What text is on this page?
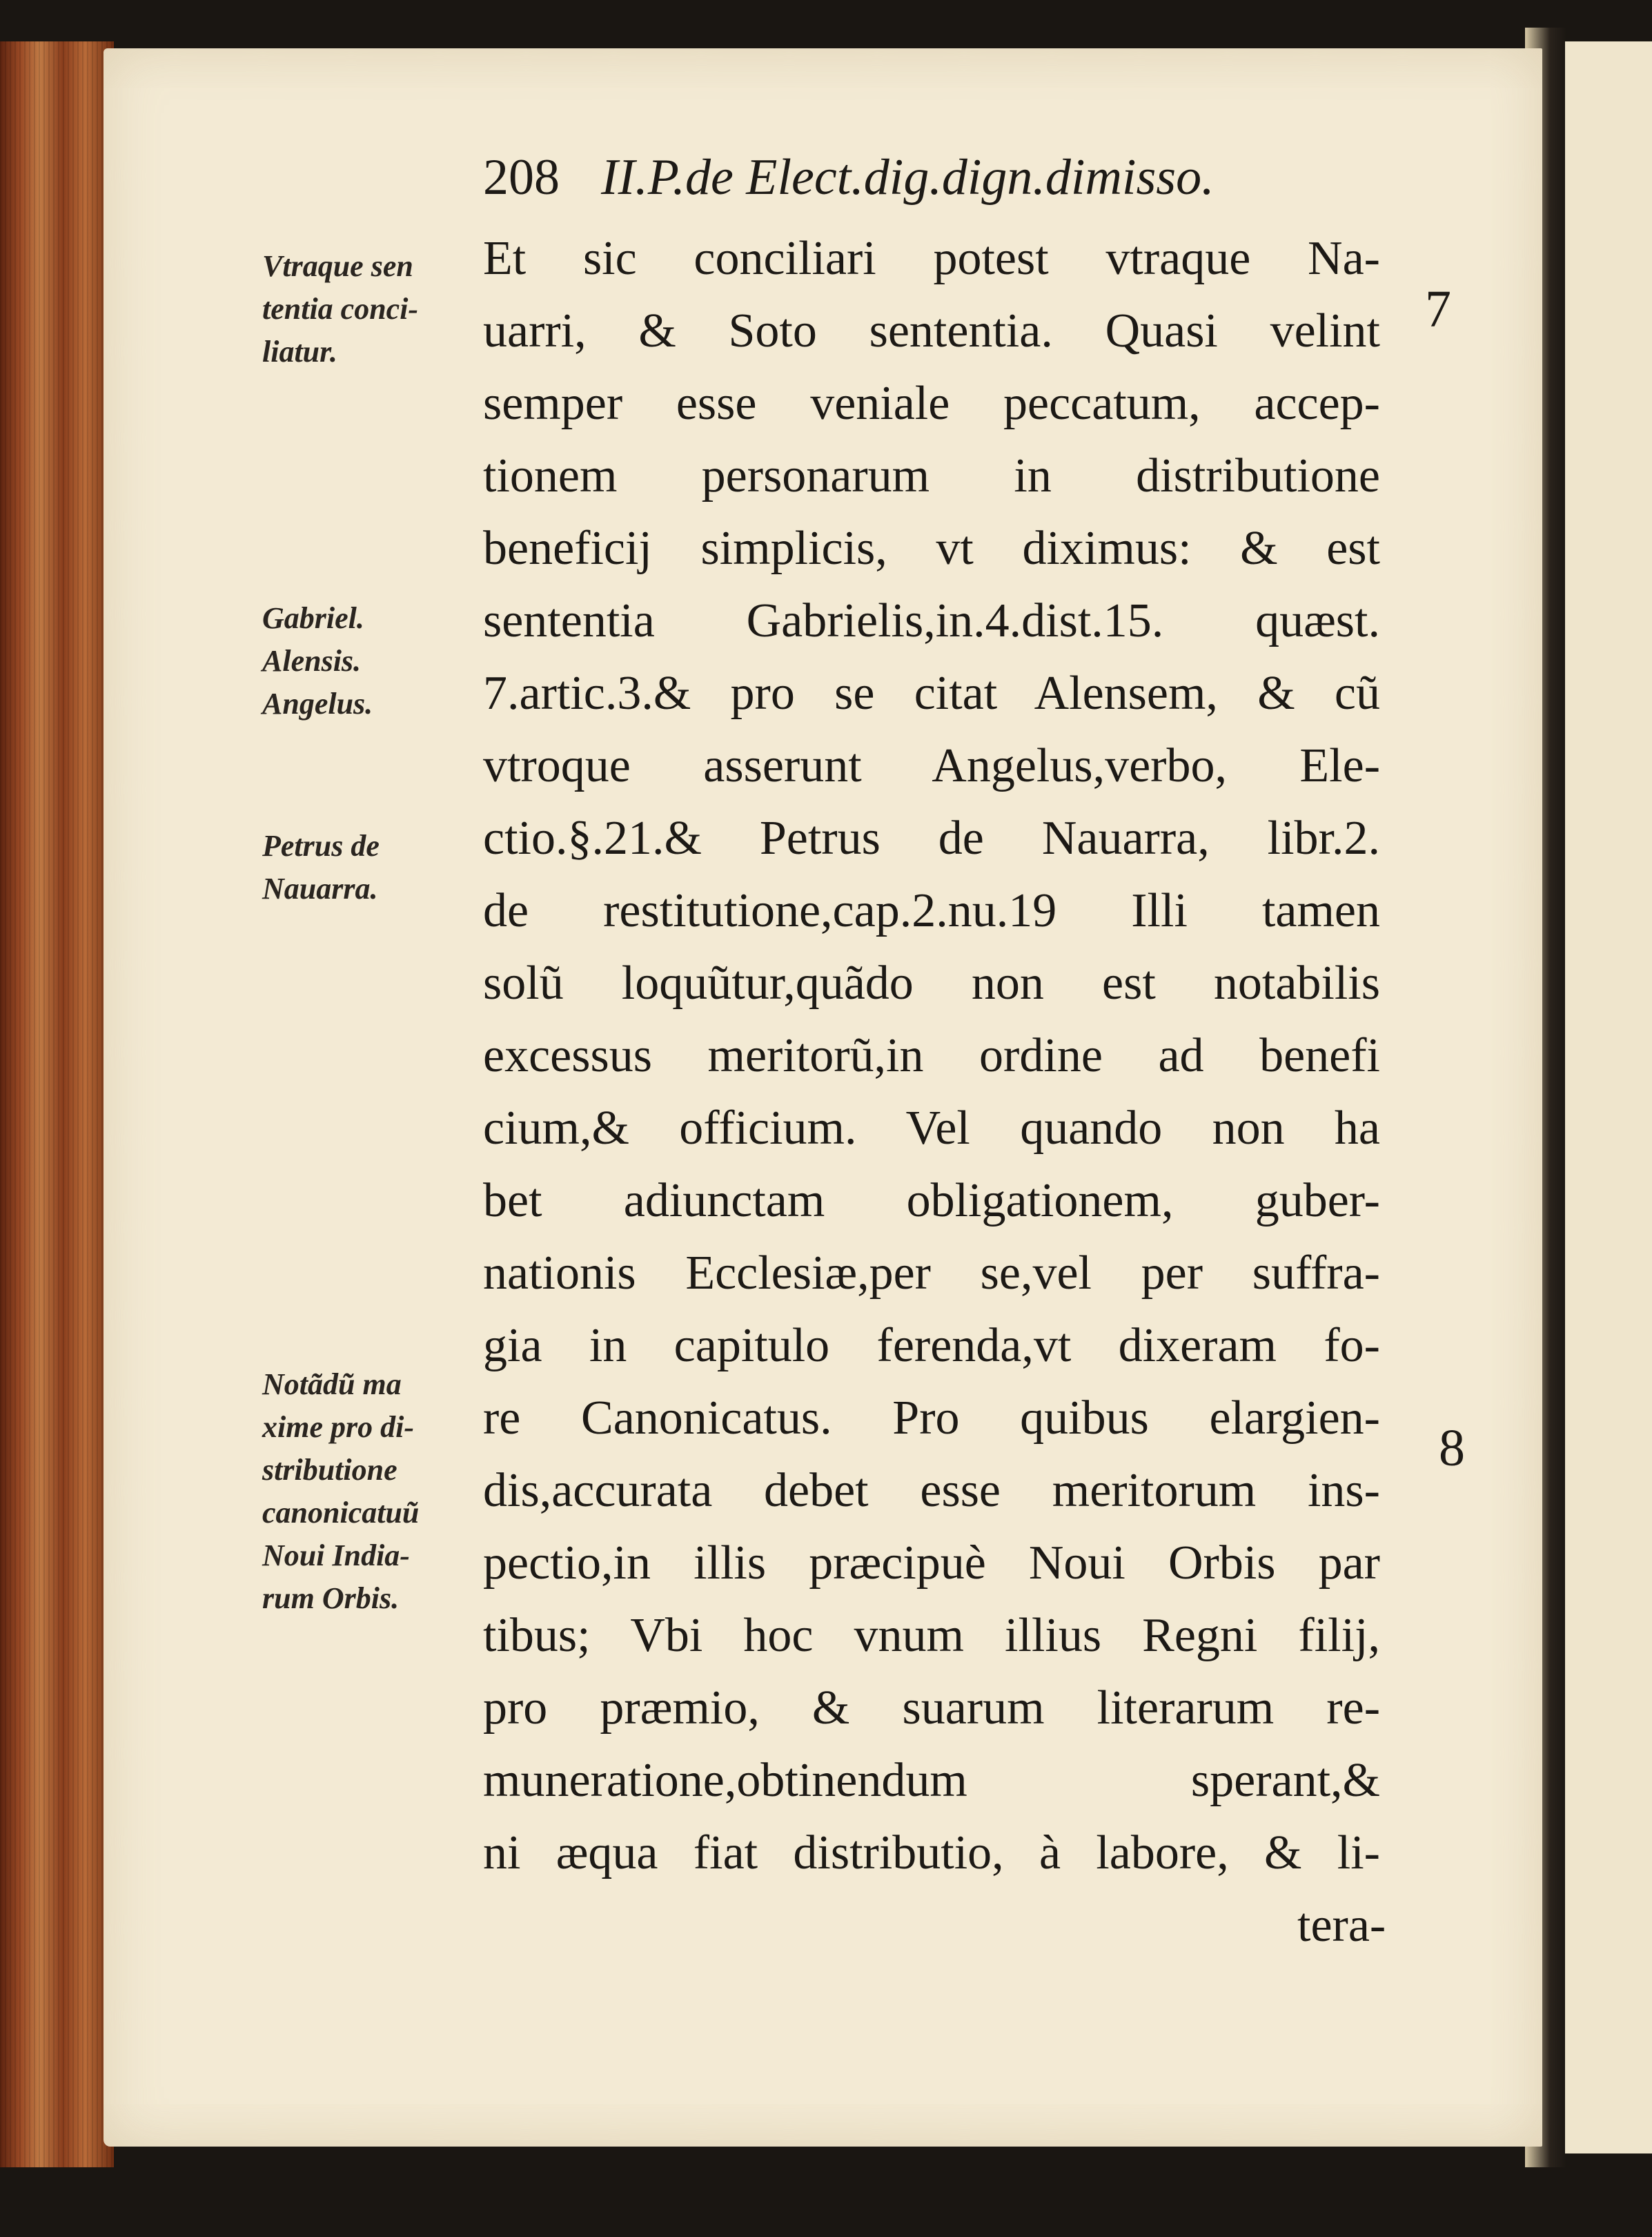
208 II.P.de Elect.dig.dign.dimisso.
Et sic conciliari potest vtraque Na-
uarri, & Soto sententia. Quasi velint
semper esse veniale peccatum, accep-
tionem personarum in distributione
beneficij simplicis, vt diximus: & est
sententia Gabrielis,in.4.dist.15. quæst.
7.artic.3.& pro se citat Alensem, & cũ
vtroque asserunt Angelus,verbo, Ele-
ctio.§.21.& Petrus de Nauarra, libr.2.
de restitutione,cap.2.nu.19 Illi tamen
solũ loquũtur,quãdo non est notabilis
excessus meritorũ,in ordine ad benefi
cium,& officium. Vel quando non ha
bet adiunctam obligationem, guber-
nationis Ecclesiæ,per se,vel per suffra-
gia in capitulo ferenda,vt dixeram fo-
re Canonicatus. Pro quibus elargien-
dis,accurata debet esse meritorum ins-
pectio,in illis præcipuè Noui Orbis par
tibus; Vbi hoc vnum illius Regni filij,
pro præmio, & suarum literarum re-
muneratione,obtinendum sperant,&
ni æqua fiat distributio, à labore, & li-
tera-
Vtraque sen
tentia conci-
liatur.
Gabriel.
Alensis.
Angelus.
Petrus de
Nauarra.
Notãdũ ma
xime pro di-
stributione
canonicatuũ
Noui India-
rum Orbis.
7
8
